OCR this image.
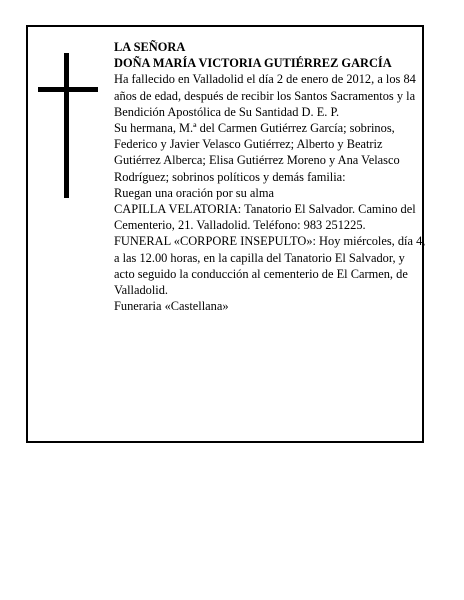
LA SEÑORA

DOÑA MARÍA VICTORIA GUTIÉRREZ GARCÍA

Ha fallecido en Valladolid el día 2 de enero de 2012, a los 84 años de edad, después de recibir los Santos Sacramentos y la Bendición Apostólica de Su Santidad D. E. P.

Su hermana, M.ª del Carmen Gutiérrez García; sobrinos, Federico y Javier Velasco Gutiérrez; Alberto y Beatriz Gutiérrez Alberca; Elisa Gutiérrez Moreno y Ana Velasco Rodríguez; sobrinos políticos y demás familia:

Ruegan una oración por su alma

CAPILLA VELATORIA: Tanatorio El Salvador. Camino del Cementerio, 21. Valladolid. Teléfono: 983 251225.

FUNERAL «CORPORE INSEPULTO»: Hoy miércoles, día 4, a las 12.00 horas, en la capilla del Tanatorio El Salvador, y acto seguido la conducción al cementerio de El Carmen, de Valladolid.

Funeraria «Castellana»
